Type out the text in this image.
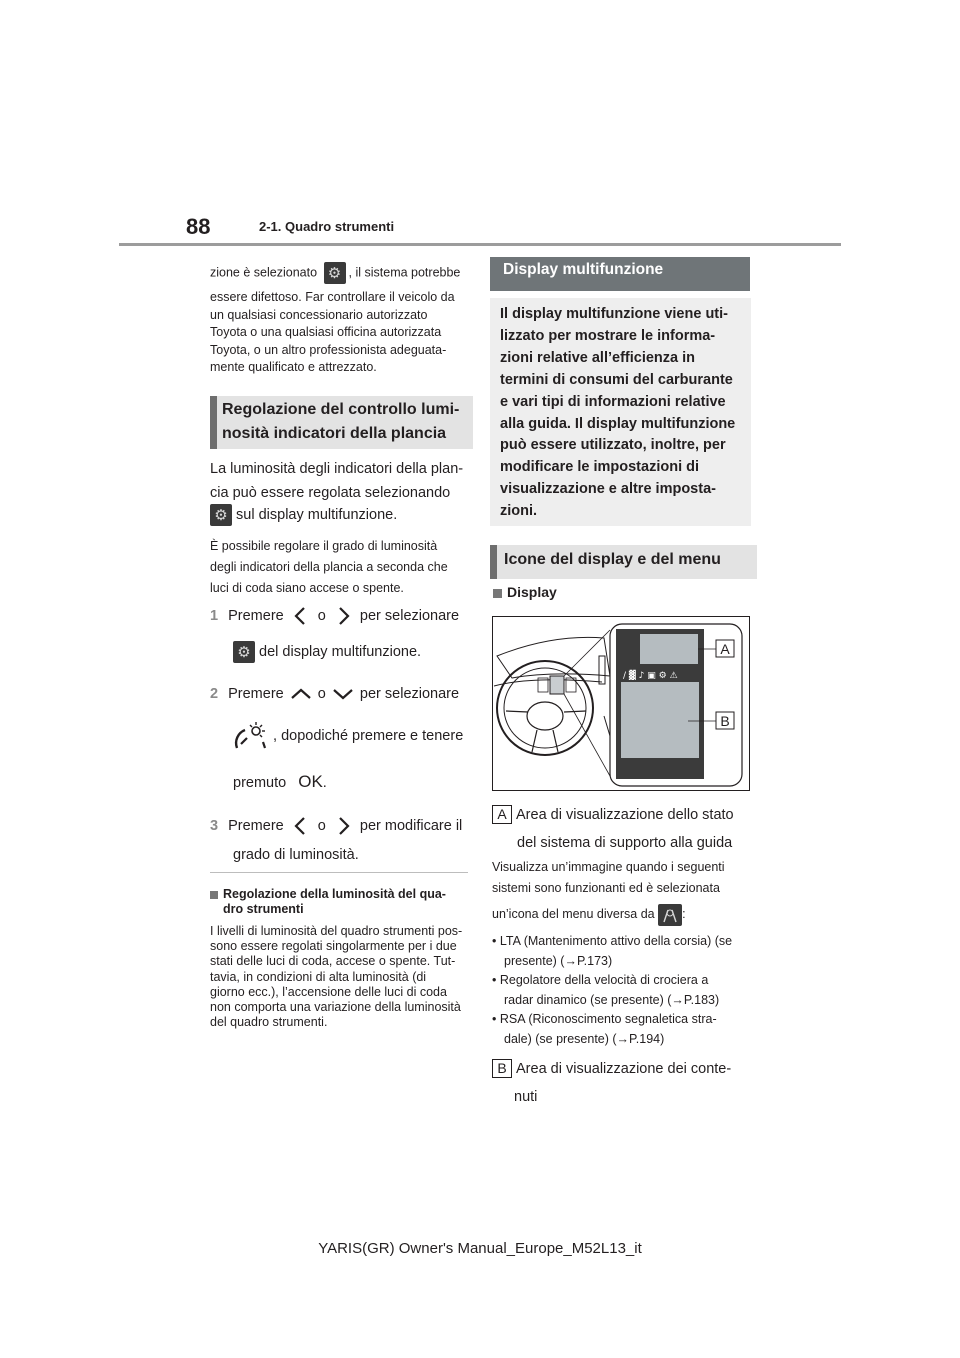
88	2-1. Quadro strumenti
zione è selezionato ⚙	, il sistema potrebbe
essere difettoso. Far controllare il veicolo da
un qualsiasi concessionario autorizzato
Toyota o una qualsiasi officina autorizzata
Toyota, o un altro professionista adeguata-
mente qualificato e attrezzato.
Regolazione del controllo lumi-
nosità indicatori della plancia
La luminosità degli indicatori della plan-
cia può essere regolata selezionando
⚙ sul display multifunzione.
È possibile regolare il grado di luminosità
degli indicatori della plancia a seconda che
luci di coda siano accese o spente.
1 Premere o per selezionare
⚙ del display multifunzione.
2 Premere o per selezionare
, dopodiché premere e tenere
premuto OK.
3 Premere o per modificare il
grado di luminosità.
Regolazione della luminosità del qua-
dro strumenti
I livelli di luminosità del quadro strumenti pos-
sono essere regolati singolarmente per i due
stati delle luci di coda, accese o spente. Tut-
tavia, in condizioni di alta luminosità (di
giorno ecc.), l’accensione delle luci di coda
non comporta una variazione della luminosità
del quadro strumenti.
Display multifunzione
Il display multifunzione viene uti-
lizzato per mostrare le informa-
zioni relative all’efficienza in
termini di consumi del carburante
e vari tipi di informazioni relative
alla guida. Il display multifunzione
può essere utilizzato, inoltre, per
modificare le impostazioni di
visualizzazione e altre imposta-
zioni.
Icone del display e del menu
Display
∕ ▓ ♪ ▣ ⚙ ⚠
A
B
A Area di visualizzazione dello stato
del sistema di supporto alla guida
Visualizza un’immagine quando i seguenti
sistemi sono funzionanti ed è selezionata
un’icona del menu diversa da :
• LTA (Mantenimento attivo della corsia) (se
presente) (→P.173)
• Regolatore della velocità di crociera a
radar dinamico (se presente) (→P.183)
• RSA (Riconoscimento segnaletica stra-
dale) (se presente) (→P.194)
B Area di visualizzazione dei conte-
nuti
YARIS(GR) Owner's Manual_Europe_M52L13_it
